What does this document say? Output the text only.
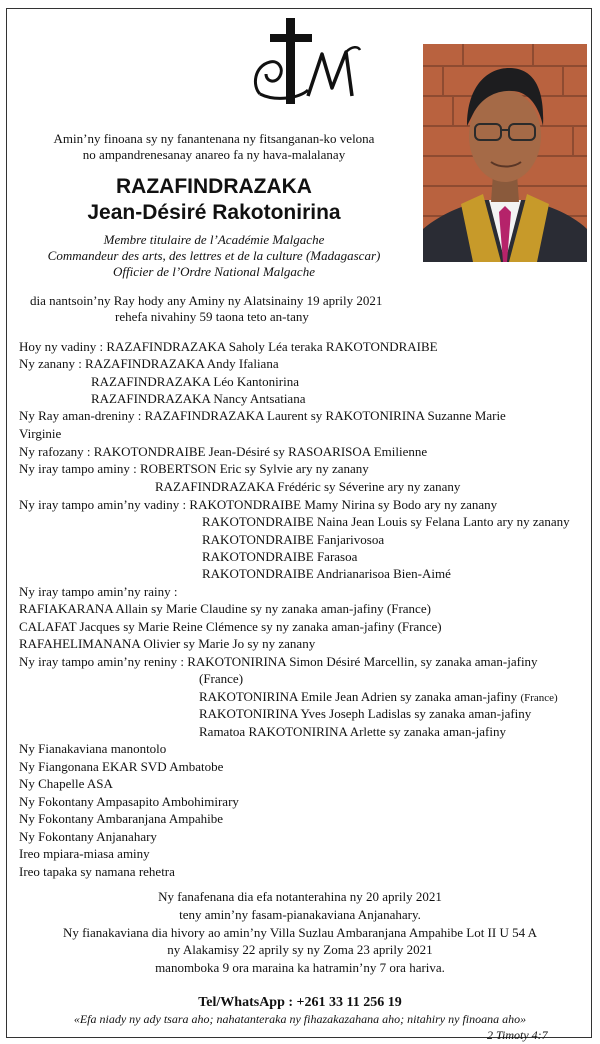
Amin’ny finoana sy ny fanantenana ny fitsanganan-ko velona

no ampandrenesanay anareo fa ny hava-malalanay

RAZAFINDRAZAKA

Jean-Désiré Rakotonirina

Membre titulaire de l’Académie Malgache

Commandeur des arts, des lettres et de la culture (Madagascar)

Officier de l’Ordre National Malgache

dia nantsoin’ny Ray hody any Aminy ny Alatsinainy 19 aprily 2021

rehefa nivahiny 59 taona teto an-tany

Hoy ny vadiny : RAZAFINDRAZAKA Saholy Léa teraka RAKOTONDRAIBE

Ny zanany : RAZAFINDRAZAKA Andy Ifaliana

RAZAFINDRAZAKA Léo Kantonirina

RAZAFINDRAZAKA Nancy Antsatiana

Ny Ray aman-dreniny : RAZAFINDRAZAKA Laurent sy RAKOTONIRINA Suzanne Marie

Virginie

Ny rafozany : RAKOTONDRAIBE Jean-Désiré sy RASOARISOA Emilienne

Ny iray tampo aminy : ROBERTSON Eric sy Sylvie ary ny zanany

RAZAFINDRAZAKA Frédéric sy Séverine ary ny zanany

Ny iray tampo amin’ny vadiny : RAKOTONDRAIBE Mamy Nirina sy Bodo ary ny zanany

RAKOTONDRAIBE Naina Jean Louis sy Felana Lanto ary ny zanany

RAKOTONDRAIBE Fanjarivosoa

RAKOTONDRAIBE Farasoa

RAKOTONDRAIBE Andrianarisoa Bien-Aimé

Ny iray tampo amin’ny rainy :

RAFIAKARANA Allain sy Marie Claudine sy ny zanaka aman-jafiny (France)

CALAFAT Jacques sy Marie Reine Clémence sy ny zanaka aman-jafiny (France)

RAFAHELIMANANA Olivier sy Marie Jo sy ny zanany

Ny iray tampo amin’ny reniny : RAKOTONIRINA Simon Désiré Marcellin, sy zanaka aman-jafiny

(France)

RAKOTONIRINA Emile Jean Adrien sy zanaka aman-jafiny (France)

RAKOTONIRINA Yves Joseph Ladislas sy zanaka aman-jafiny

Ramatoa RAKOTONIRINA Arlette sy zanaka aman-jafiny

Ny Fianakaviana manontolo

Ny Fiangonana EKAR SVD Ambatobe

Ny Chapelle ASA

Ny Fokontany Ampasapito Ambohimirary

Ny Fokontany Ambaranjana Ampahibe

Ny Fokontany Anjanahary

Ireo mpiara-miasa aminy

Ireo tapaka sy namana rehetra

Ny fanafenana dia efa notanterahina ny 20 aprily 2021

teny amin’ny fasam-pianakaviana Anjanahary.

Ny fianakaviana dia hivory ao amin’ny Villa Suzlau Ambaranjana Ampahibe Lot II U 54 A

ny Alakamisy 22 aprily sy ny Zoma 23 aprily 2021

manomboka 9 ora maraina ka hatramin’ny 7 ora hariva.

Tel/WhatsApp : +261 33 11 256 19

«Efa niady ny ady tsara aho; nahatanteraka ny fihazakazahana aho; nitahiry ny finoana aho»

2 Timoty 4:7
